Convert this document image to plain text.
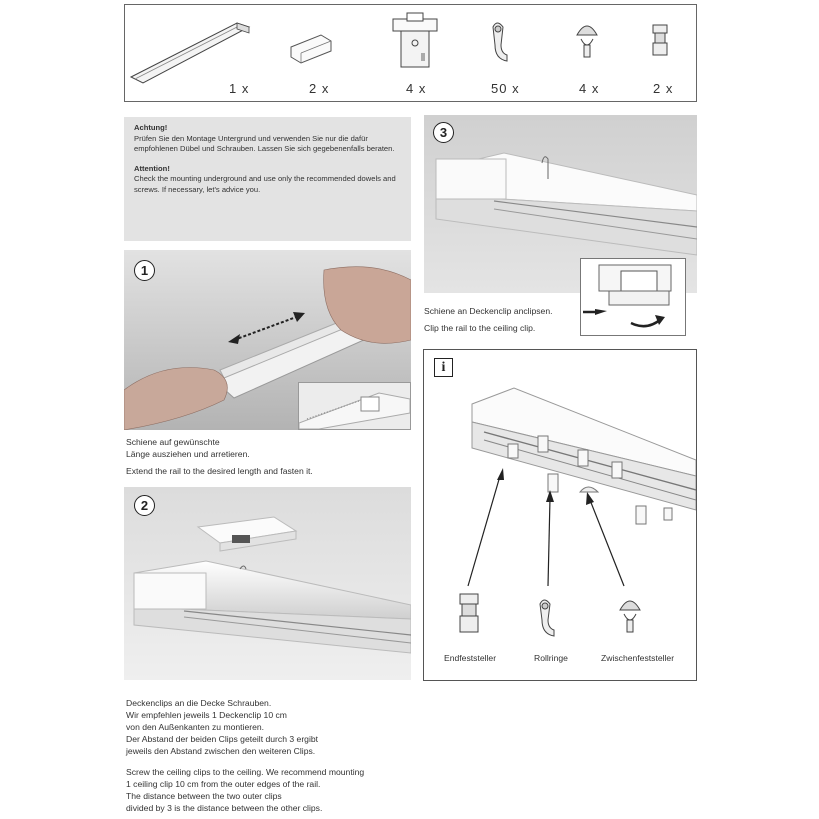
1 x	2 x	4 x	50 x	4 x	2 x
Achtung!
Prüfen Sie den Montage Untergrund und verwenden Sie nur die dafür empfohlenen Dübel und Schrauben. Lassen Sie sich gegebenenfalls beraten.
Attention!
Check the mounting underground and use only the recommended dowels and screws. If necessary, let's advice you.
1
Schiene auf gewünschte
Länge ausziehen und arretieren.
Extend the rail to the desired length and fasten it.
2
Deckenclips an die Decke Schrauben.
Wir empfehlen jeweils 1 Deckenclip 10 cm
von den Außenkanten zu montieren.
Der Abstand der beiden Clips geteilt durch 3 ergibt
jeweils den Abstand zwischen den weiteren Clips.
Screw the ceiling clips to the ceiling. We recommend mounting
1 ceiling clip 10 cm from the outer edges of the rail.
The distance between the two outer clips
divided by 3 is the distance between the other clips.
3
Schiene an Deckenclip anclipsen.
Clip the rail to the ceiling clip.
i
Endfeststeller	Rollringe	Zwischenfeststeller
